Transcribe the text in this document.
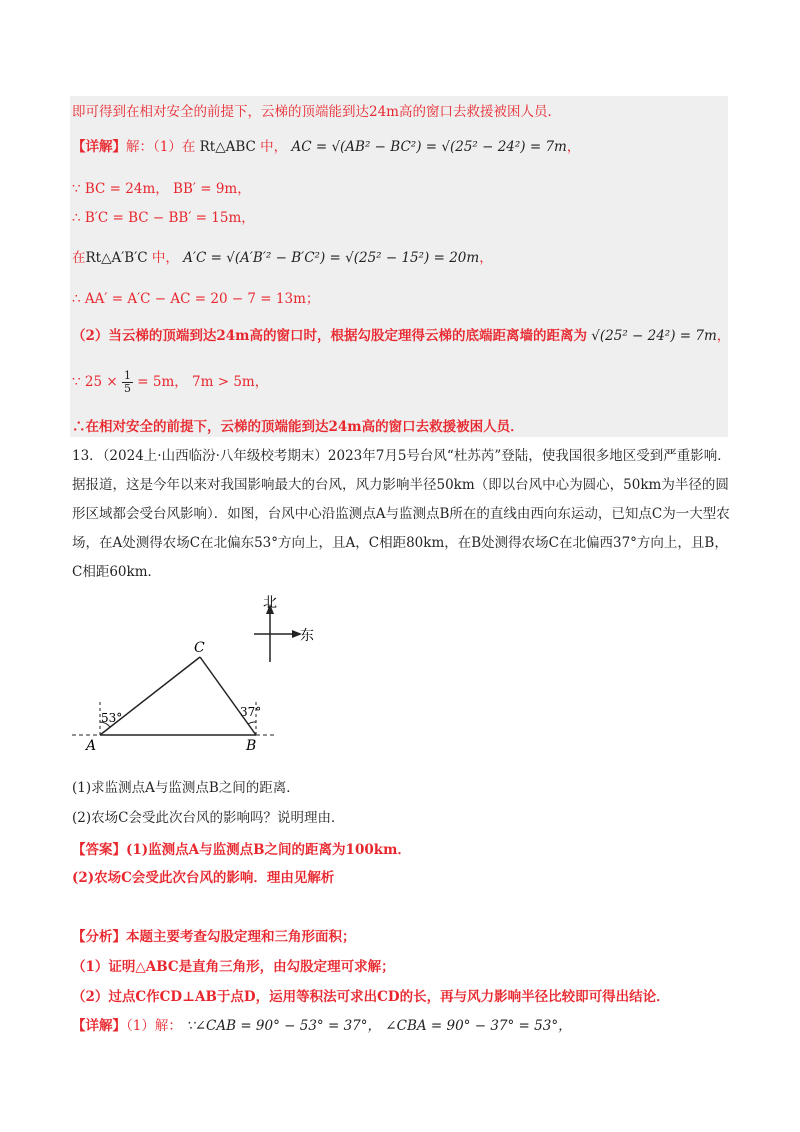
即可得到在相对安全的前提下，云梯的顶端能到达24m高的窗口去救援被困人员．
【详解】解：（1）在 Rt△ABC 中， AC = √(AB² − BC²) = √(25² − 24²) = 7m，
∵ BC = 24m， BB′ = 9m，
∴ B′C = BC − BB′ = 15m，
在Rt△A′B′C 中， A′C = √(A′B′² − B′C²) = √(25² − 15²) = 20m，
∴ AA′ = A′C − AC = 20 − 7 = 13m；
（2）当云梯的顶端到达24m高的窗口时，根据勾股定理得云梯的底端距离墙的距离为 √(25² − 24²) = 7m，
∵ $25 \times \frac{1}{5} = 5m$， 7m > 5m，
∴在相对安全的前提下，云梯的顶端能到达24m高的窗口去救援被困人员．
13．（2024上·山西临汾·八年级校考期末）2023年7月5号台风“杜苏芮”登陆，使我国很多地区受到严重影响．据报道，这是今年以来对我国影响最大的台风，风力影响半径50km（即以台风中心为圆心，50km为半径的圆形区域都会受台风影响）．如图，台风中心沿监测点A与监测点B所在的直线由西向东运动，已知点C为一大型农场，在A处测得农场C在北偏东53°方向上，且A，C相距80km，在B处测得农场C在北偏西37°方向上，且B，C相距60km．
北
东
C
A	B
53°	37°
(1)求监测点A与监测点B之间的距离．
(2)农场C会受此次台风的影响吗？说明理由．
【答案】(1)监测点A与监测点B之间的距离为100km．
(2)农场C会受此次台风的影响．理由见解析
【分析】本题主要考查勾股定理和三角形面积；
（1）证明△ABC是直角三角形，由勾股定理可求解；
（2）过点C作CD⊥AB于点D，运用等积法可求出CD的长，再与风力影响半径比较即可得出结论．
【详解】（1）解： ∵∠CAB = 90° − 53° = 37°， ∠CBA = 90° − 37° = 53°，
